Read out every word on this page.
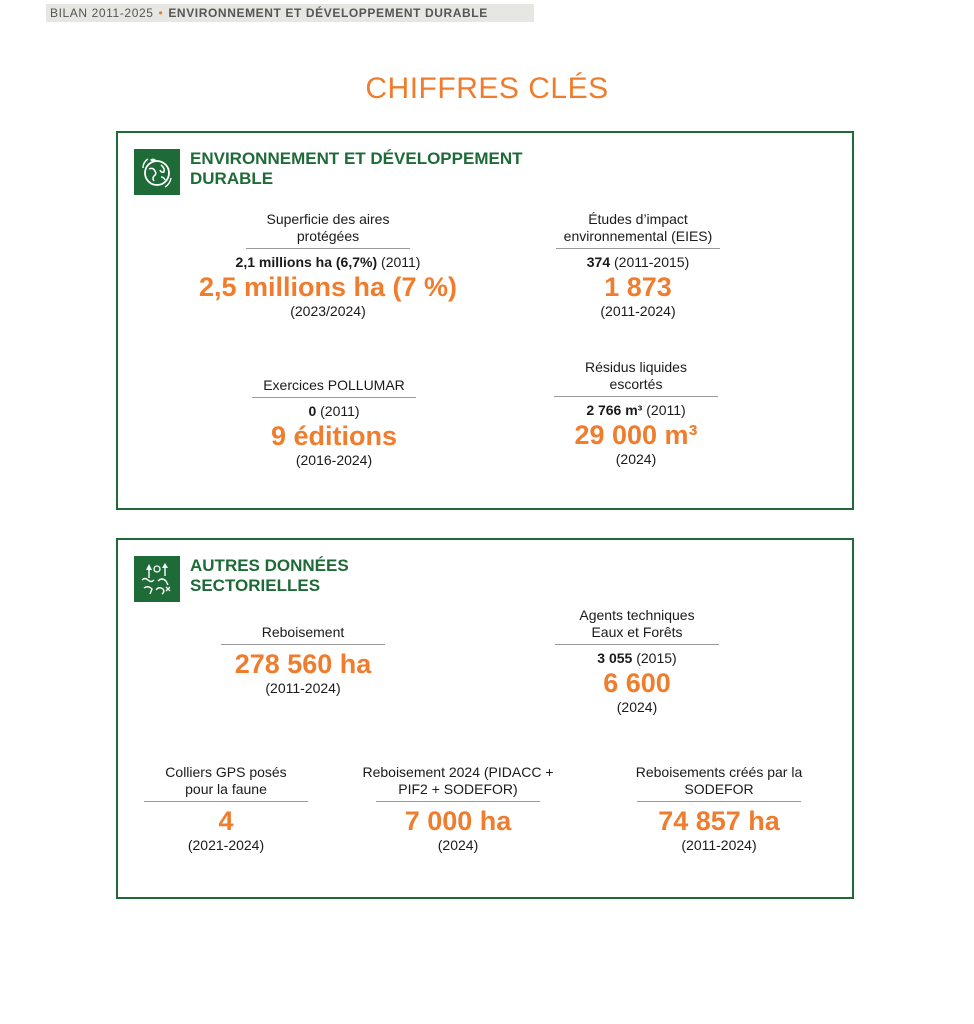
BILAN 2011-2025 • ENVIRONNEMENT ET DÉVELOPPEMENT DURABLE
CHIFFRES CLÉS
ENVIRONNEMENT ET DÉVELOPPEMENT DURABLE
Superficie des aires
protégées
2,1 millions ha (6,7%) (2011)
2,5 millions ha (7 %)
(2023/2024)
Études d’impact
environnemental (EIES)
374 (2011-2015)
1 873
(2011-2024)
Exercices POLLUMAR
0 (2011)
9 éditions
(2016-2024)
Résidus liquides
escortés
2 766 m³ (2011)
29 000 m³
(2024)
AUTRES DONNÉES
SECTORIELLES
Reboisement
278 560 ha
(2011-2024)
Agents techniques
Eaux et Forêts
3 055 (2015)
6 600
(2024)
Colliers GPS posés
pour la faune
4
(2021-2024)
Reboisement 2024 (PIDACC +
PIF2 + SODEFOR)
7 000 ha
(2024)
Reboisements créés par la
SODEFOR
74 857 ha
(2011-2024)
